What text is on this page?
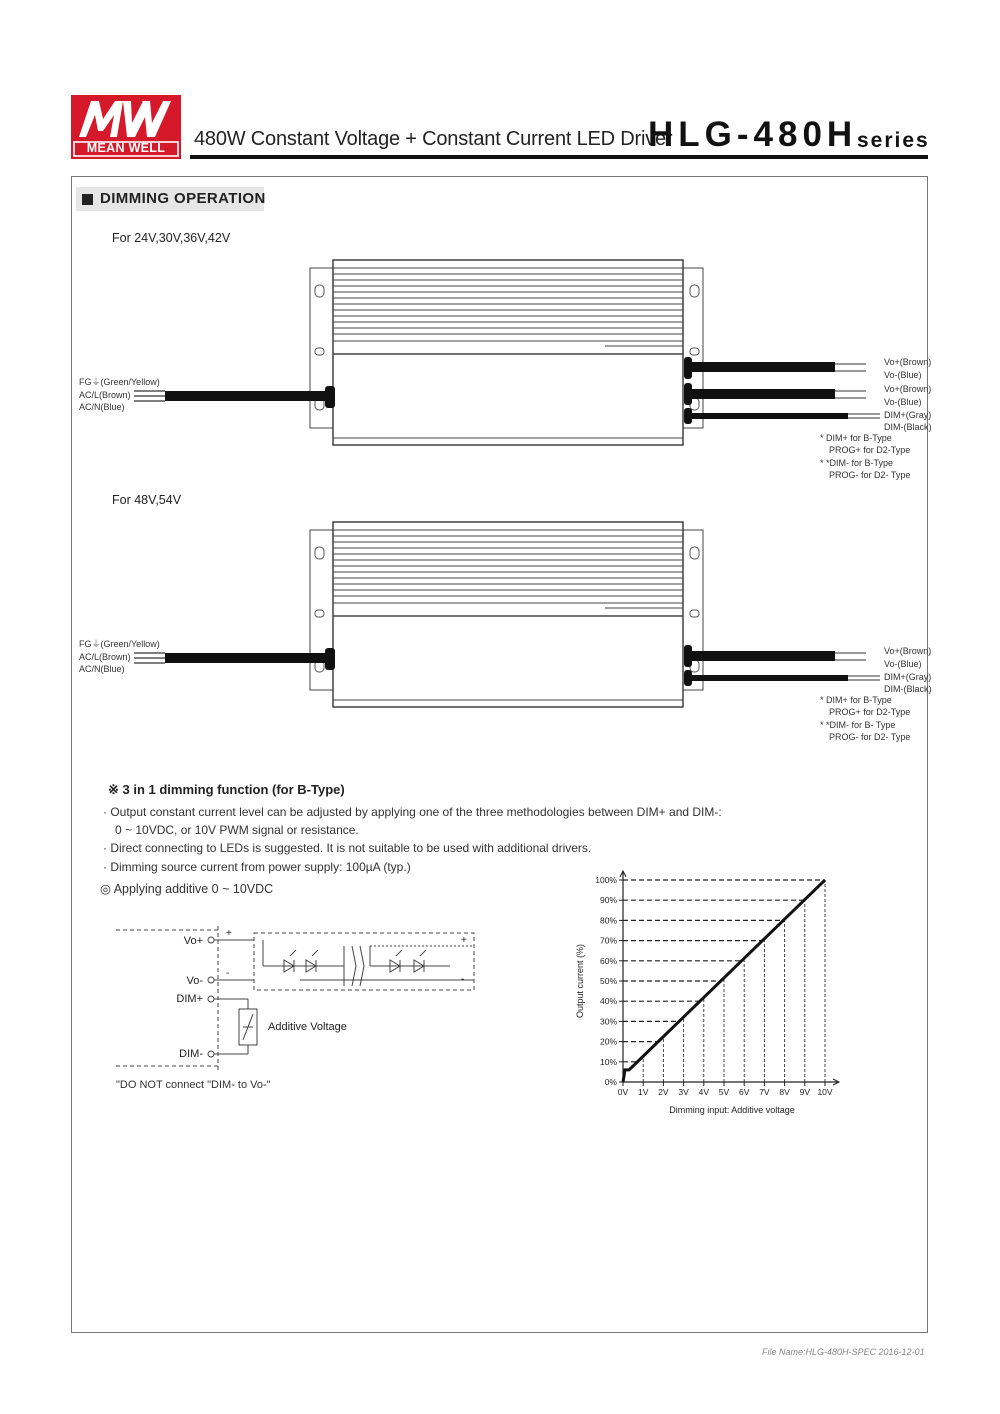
MEAN WELL	480W Constant Voltage + Constant Current LED Driver
HLG-480H series
DIMMING OPERATION
For 24V,30V,36V,42V
FG⏚(Green/Yellow)
AC/L(Brown)
AC/N(Blue)
Vo+(Brown)
Vo-(Blue)
Vo+(Brown)
Vo-(Blue)
DIM+(Gray)
DIM-(Black)
* DIM+ for B-Type
PROG+ for D2-Type
* *DIM- for B-Type
PROG- for D2- Type
For 48V,54V
FG⏚(Green/Yellow)
AC/L(Brown)
AC/N(Blue)
Vo+(Brown)
Vo-(Blue)
DIM+(Gray)
DIM-(Black)
* DIM+ for B-Type
PROG+ for D2-Type
* *DIM- for B- Type
PROG- for D2- Type
※ 3 in 1 dimming function (for B-Type)
· Output constant current level can be adjusted by applying one of the three methodologies between DIM+ and DIM-:
0 ~ 10VDC, or 10V PWM signal or resistance.
· Direct connecting to LEDs is suggested. It is not suitable to be used with additional drivers.
· Dimming source current from power supply: 100µA (typ.)
◎ Applying additive 0 ~ 10VDC
Vo+
Vo-
DIM+
DIM-
+
-
+
-
Additive Voltage
"DO NOT connect "DIM- to Vo-"	0%
10%
20%
30%
40%
50%
60%
70%
80%
90%
100%
0V 1V 2V 3V 4V 5V 6V 7V 8V 9V 10V
Output current (%)
Dimming input: Additive voltage
File Name:HLG-480H-SPEC 2016-12-01
